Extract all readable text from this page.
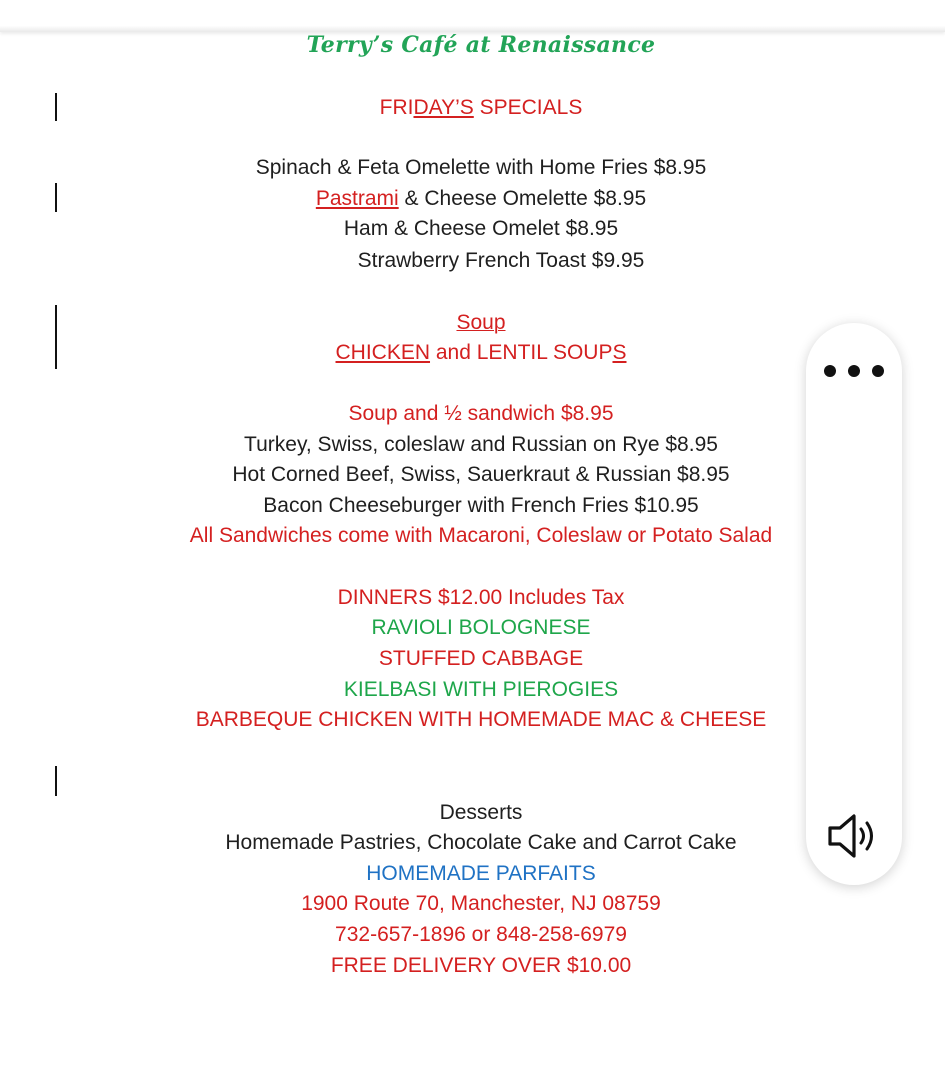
Terry’s Café at Renaissance
FRIDAY’S SPECIALS
Spinach & Feta Omelette with Home Fries $8.95
Pastrami & Cheese Omelette $8.95
Ham & Cheese Omelet $8.95
Strawberry French Toast $9.95
Soup
CHICKEN and LENTIL SOUPS
Soup and ½ sandwich $8.95
Turkey, Swiss, coleslaw and Russian on Rye $8.95
Hot Corned Beef, Swiss, Sauerkraut & Russian $8.95
Bacon Cheeseburger with French Fries $10.95
All Sandwiches come with Macaroni, Coleslaw or Potato Salad
DINNERS $12.00 Includes Tax
RAVIOLI BOLOGNESE
STUFFED CABBAGE
KIELBASI WITH PIEROGIES
BARBEQUE CHICKEN WITH HOMEMADE MAC & CHEESE
Desserts
Homemade Pastries, Chocolate Cake and Carrot Cake
HOMEMADE PARFAITS
1900 Route 70, Manchester, NJ 08759
732-657-1896 or 848-258-6979
FREE DELIVERY OVER $10.00
